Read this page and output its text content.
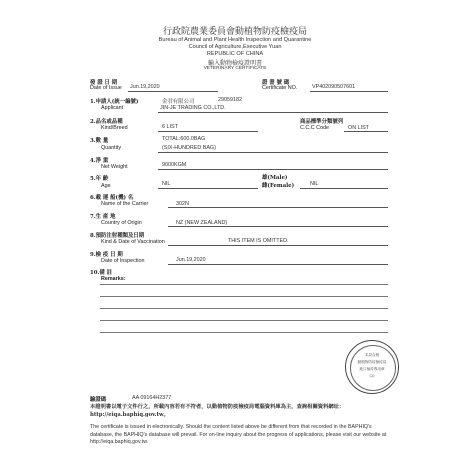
行政院農業委員會動植物防疫檢疫局
Bureau of Animal and Plant Health Inspection and Quarantine
Council of Agriculture,Executive Yuan
REPUBLIC OF CHINA
輸入動物檢疫證明書
VETERINARY CERTIFICATE
發 證 日 期
Date of Issue Jun.19,2020
證 書 號 碼
Certificate NO.	VP402090507601
1.申請人(統一編號)
Applicant
金君有限公司	29059182
JIN-JE TRADING CO.,LTD.
2.品名或品種
Kind/Breed	6 LIST
商品標準分類號列
C.C.C Code	ON LIST
3.數 量
Quantity
TOTAL:600.0BAG
(SIX-HUNDRED BAG)
4.淨 重
Net Weight	9000KGM
5.年 齡
Age	NIL
雄(Male)
雌(Female)	NIL
6.載 運 船(機) 名
Name of the Carrier	302N
7.生 產 地
Country of Origin	NZ (NEW ZEALAND)
8.預防注射種類及日期
Kind & Date of Vaccination	THIS ITEM IS OMITTED.
9.檢 疫 日 期
Date of Inspection	Jun.19,2020
10.備 註
Remarks:
本局合格
動植物防疫檢疫局
進口檢疫專用章
(2)
驗證碼	AA 09164H2377
本證明書以電子文件行之，所載內容若有不符者，以動植物防疫檢疫局電腦資料庫為主，查詢相關資料網址：http://eiqa.baphiq.gov.tw。
The certificate is issued in electronically. Should the content listed above be different from that recorded in the BAPHIQ's database, the BAPHIQ's database will prevail. For on-line inquiry about the progress of applications, please visit our website at http://eiqa.baphiq.gov.tw.
